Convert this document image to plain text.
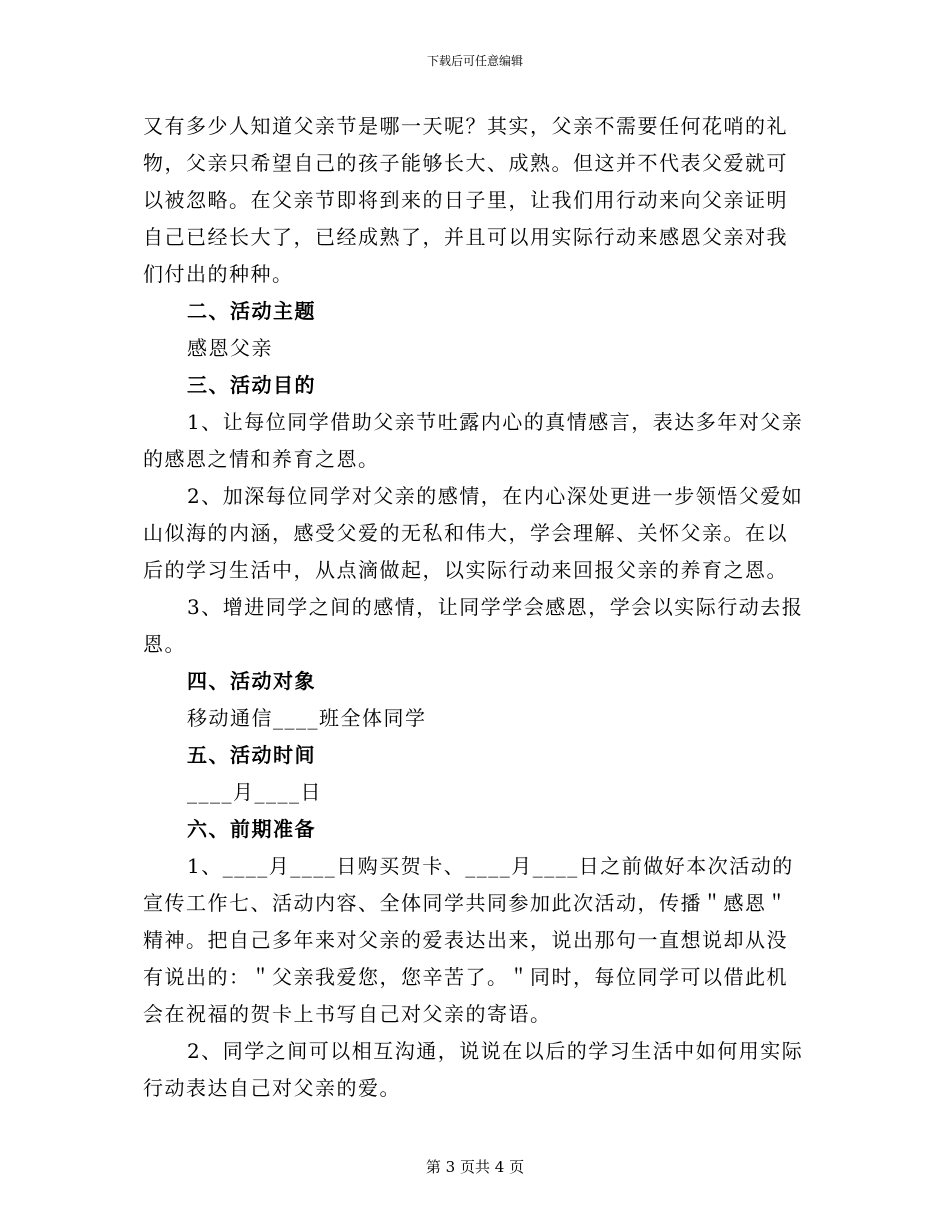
下载后可任意编辑

又有多少人知道父亲节是哪一天呢？其实，父亲不需要任何花哨的礼物，父亲只希望自己的孩子能够长大、成熟。但这并不代表父爱就可以被忽略。在父亲节即将到来的日子里，让我们用行动来向父亲证明自己已经长大了，已经成熟了，并且可以用实际行动来感恩父亲对我们付出的种种。

二、活动主题

感恩父亲

三、活动目的

1、让每位同学借助父亲节吐露内心的真情感言，表达多年对父亲的感恩之情和养育之恩。

2、加深每位同学对父亲的感情，在内心深处更进一步领悟父爱如山似海的内涵，感受父爱的无私和伟大，学会理解、关怀父亲。在以后的学习生活中，从点滴做起，以实际行动来回报父亲的养育之恩。

3、增进同学之间的感情，让同学学会感恩，学会以实际行动去报恩。

四、活动对象

移动通信____班全体同学

五、活动时间

____月____日

六、前期准备

1、____月____日购买贺卡、____月____日之前做好本次活动的宣传工作七、活动内容、全体同学共同参加此次活动，传播＂感恩＂精神。把自己多年来对父亲的爱表达出来，说出那句一直想说却从没有说出的：＂父亲我爱您，您辛苦了。＂同时，每位同学可以借此机会在祝福的贺卡上书写自己对父亲的寄语。

2、同学之间可以相互沟通，说说在以后的学习生活中如何用实际行动表达自己对父亲的爱。

第 3 页共 4 页
